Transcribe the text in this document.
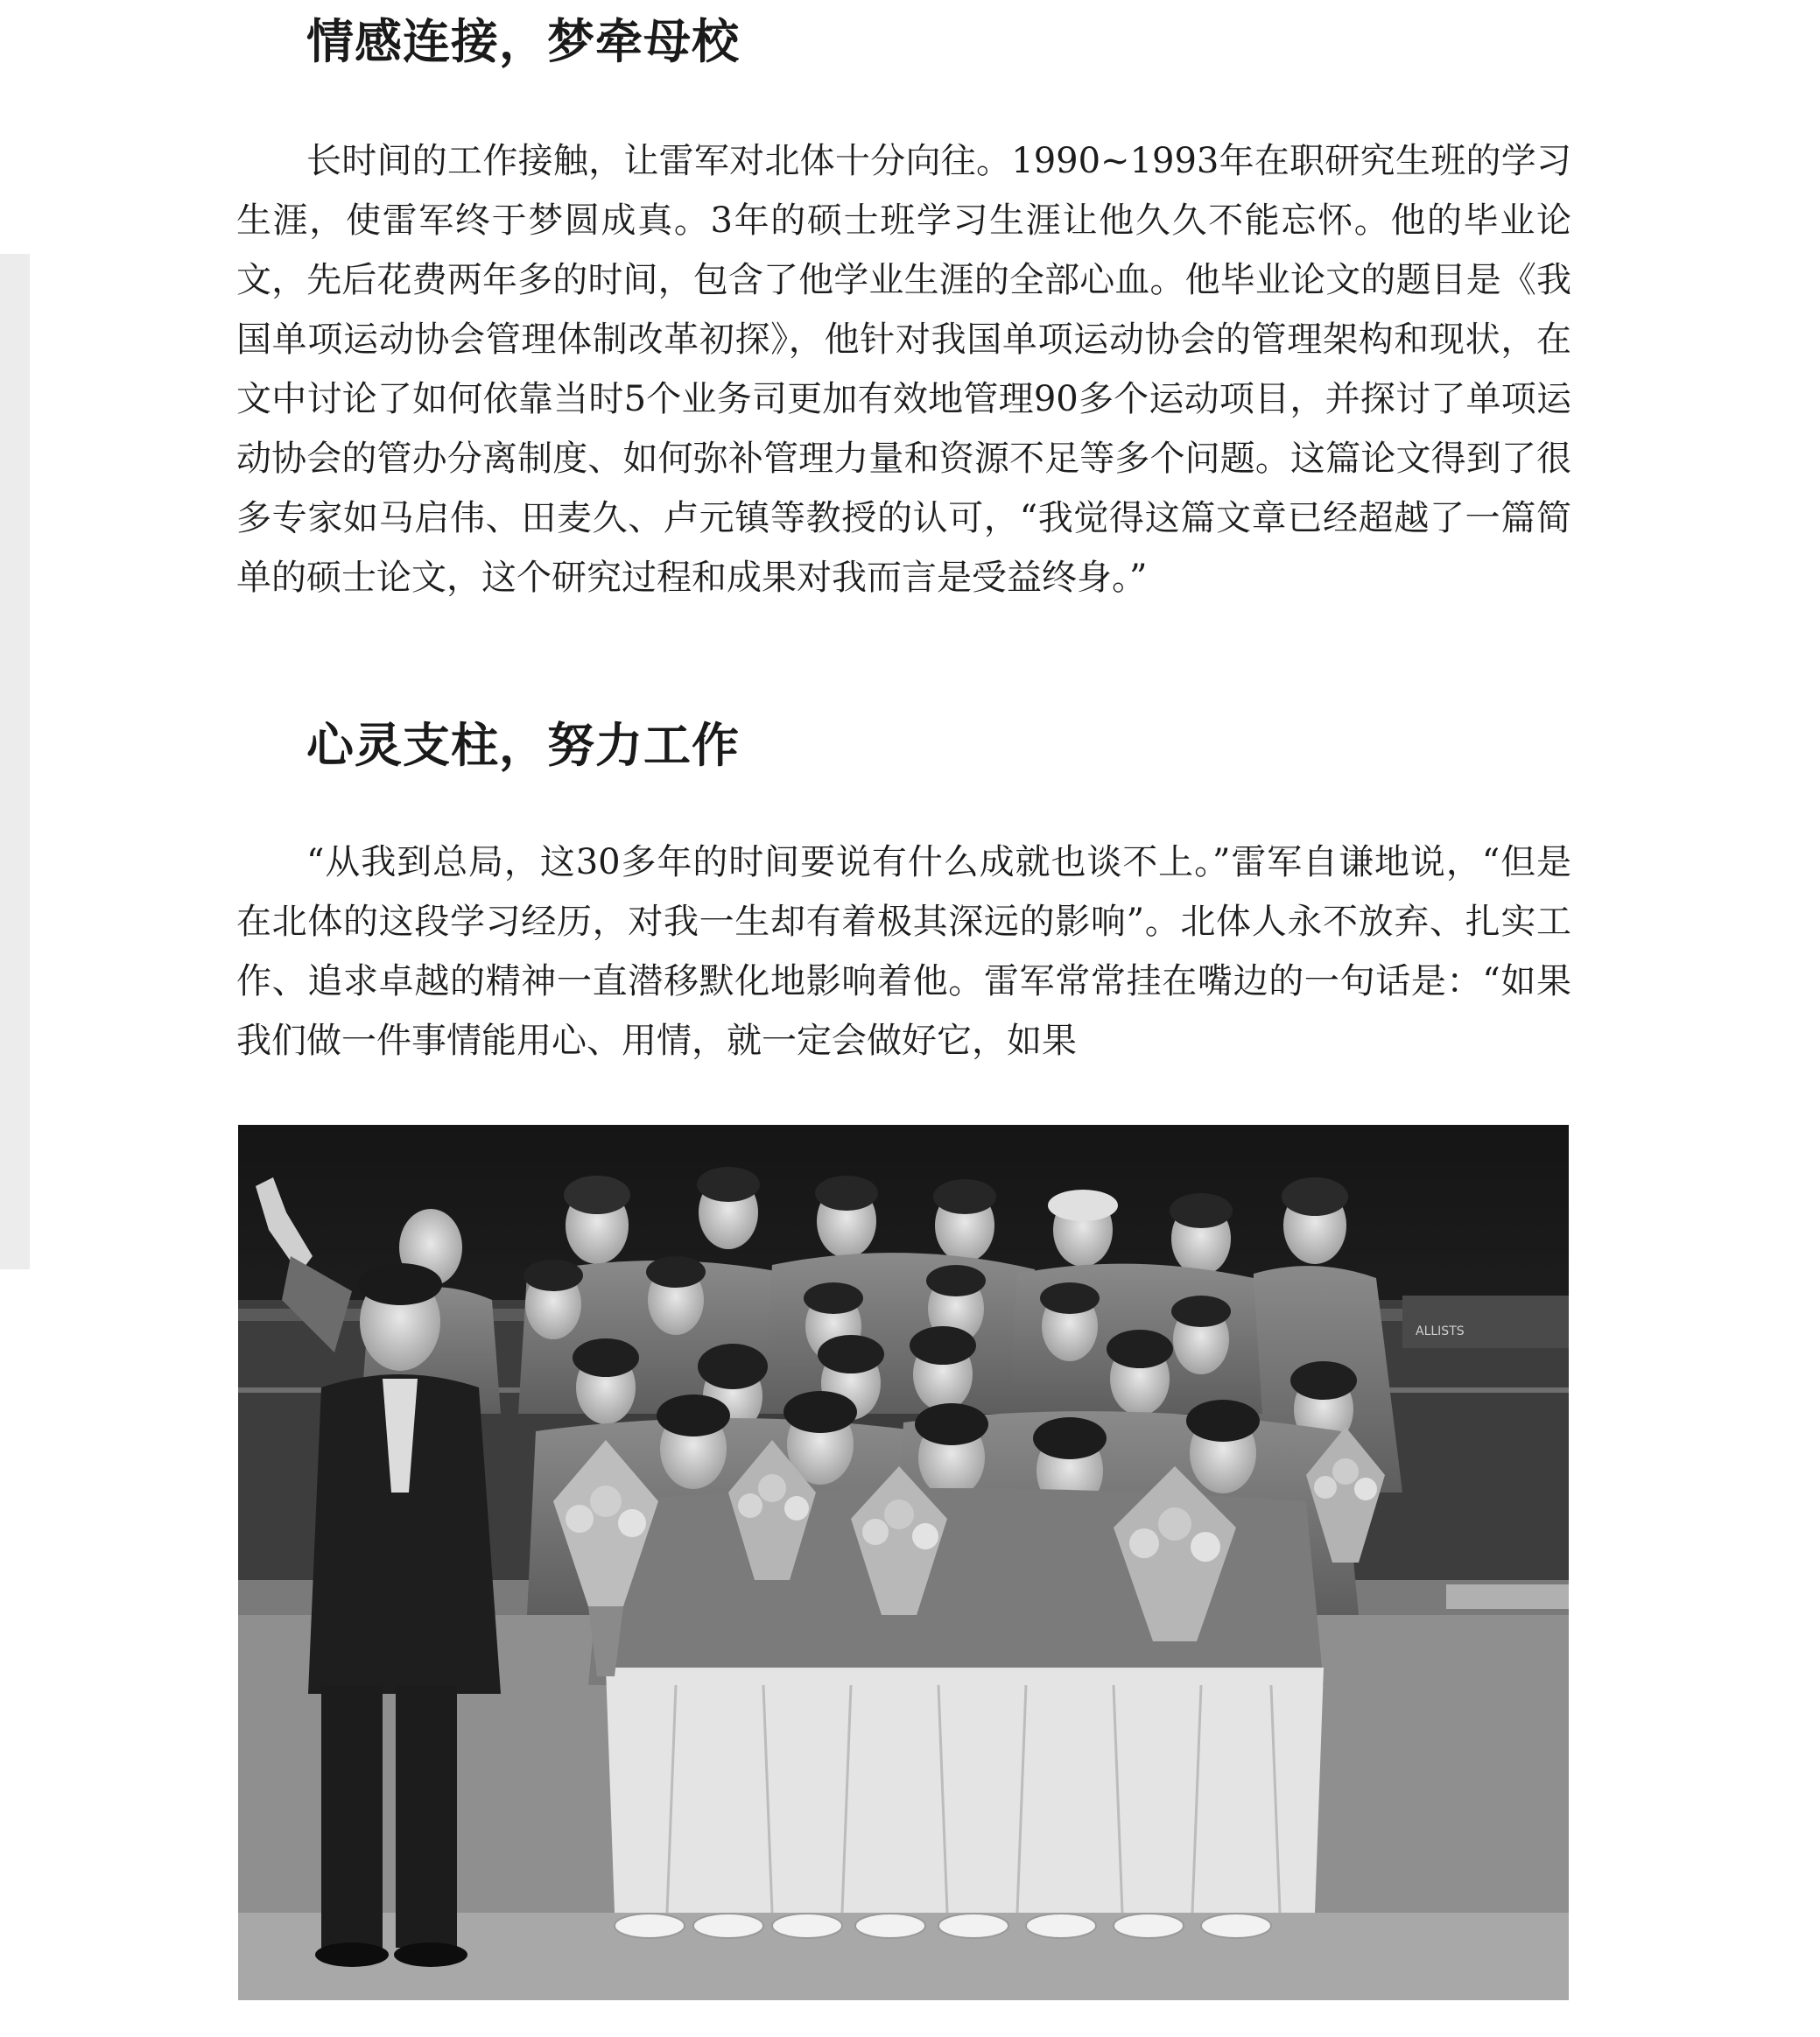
情感连接，梦牵母校

长时间的工作接触，让雷军对北体十分向往。1990~1993年在职研究生班的学习生涯，使雷军终于梦圆成真。3年的硕士班学习生涯让他久久不能忘怀。他的毕业论文，先后花费两年多的时间，包含了他学业生涯的全部心血。他毕业论文的题目是《我国单项运动协会管理体制改革初探》，他针对我国单项运动协会的管理架构和现状，在文中讨论了如何依靠当时5个业务司更加有效地管理90多个运动项目，并探讨了单项运动协会的管办分离制度、如何弥补管理力量和资源不足等多个问题。这篇论文得到了很多专家如马启伟、田麦久、卢元镇等教授的认可，“我觉得这篇文章已经超越了一篇简单的硕士论文，这个研究过程和成果对我而言是受益终身。”

心灵支柱，努力工作

“从我到总局，这30多年的时间要说有什么成就也谈不上。”雷军自谦地说，“但是在北体的这段学习经历，对我一生却有着极其深远的影响”。北体人永不放弃、扎实工作、追求卓越的精神一直潜移默化地影响着他。雷军常常挂在嘴边的一句话是：“如果我们做一件事情能用心、用情，就一定会做好它，如果

ALLISTS
